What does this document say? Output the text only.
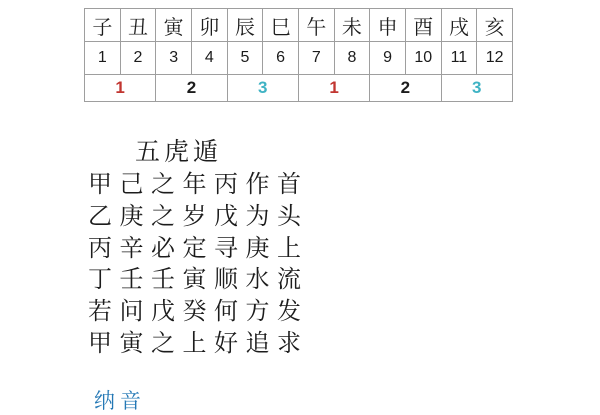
子	丑	寅	卯	辰	巳	午	未	申	酉	戌	亥
1	2	3	4	5	6	7	8	9	10	11	12
1		2		3		1		2		3	
五虎遁
甲己之年丙作首
乙庚之岁戊为头
丙辛必定寻庚上
丁壬壬寅顺水流
若问戊癸何方发
甲寅之上好追求
纳音
